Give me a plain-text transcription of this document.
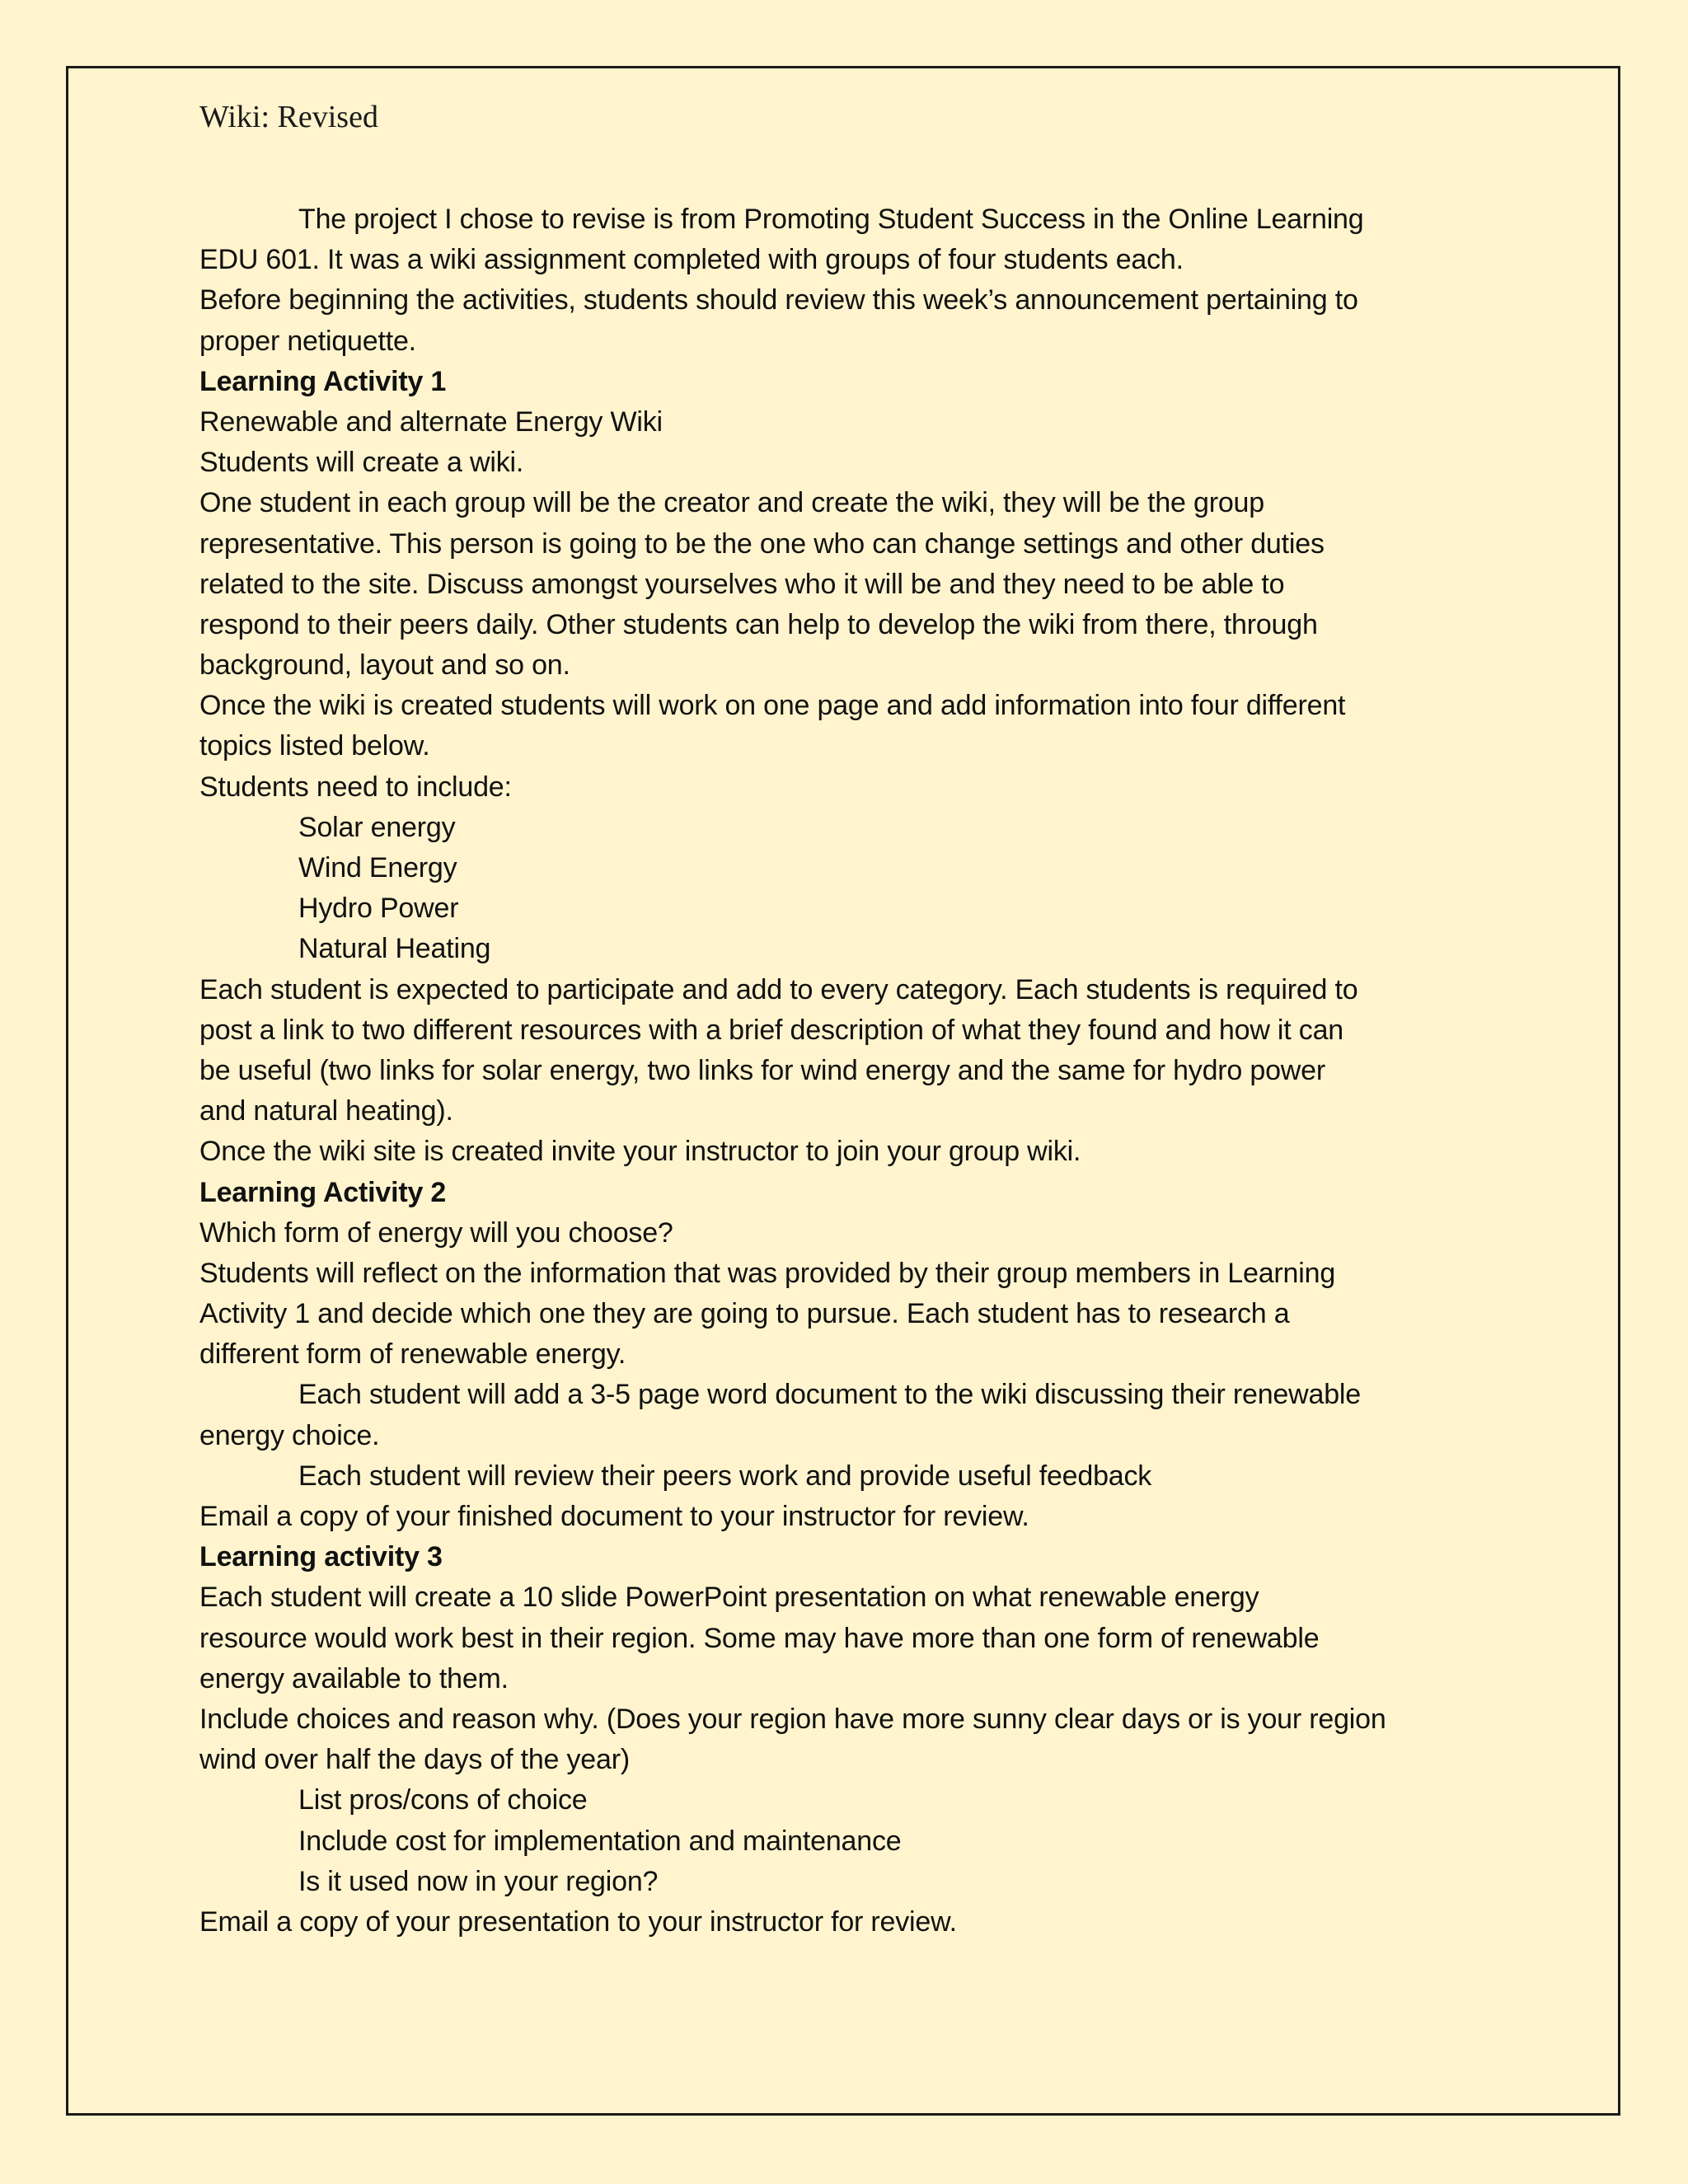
Wiki: Revised
The project I chose to revise is from Promoting Student Success in the Online Learning
EDU 601. It was a wiki assignment completed with groups of four students each.
Before beginning the activities, students should review this week’s announcement pertaining to
proper netiquette.
Learning Activity 1
Renewable and alternate Energy Wiki
Students will create a wiki.
One student in each group will be the creator and create the wiki, they will be the group
representative. This person is going to be the one who can change settings and other duties
related to the site. Discuss amongst yourselves who it will be and they need to be able to
respond to their peers daily. Other students can help to develop the wiki from there, through
background, layout and so on.
Once the wiki is created students will work on one page and add information into four different
topics listed below.
Students need to include:
Solar energy
Wind Energy
Hydro Power
Natural Heating
Each student is expected to participate and add to every category. Each students is required to
post a link to two different resources with a brief description of what they found and how it can
be useful (two links for solar energy, two links for wind energy and the same for hydro power
and natural heating).
Once the wiki site is created invite your instructor to join your group wiki.
Learning Activity 2
Which form of energy will you choose?
Students will reflect on the information that was provided by their group members in Learning
Activity 1 and decide which one they are going to pursue. Each student has to research a
different form of renewable energy.
Each student will add a 3-5 page word document to the wiki discussing their renewable
energy choice.
Each student will review their peers work and provide useful feedback
Email a copy of your finished document to your instructor for review.
Learning activity 3
Each student will create a 10 slide PowerPoint presentation on what renewable energy
resource would work best in their region. Some may have more than one form of renewable
energy available to them.
Include choices and reason why. (Does your region have more sunny clear days or is your region
wind over half the days of the year)
List pros/cons of choice
Include cost for implementation and maintenance
Is it used now in your region?
Email a copy of your presentation to your instructor for review.
